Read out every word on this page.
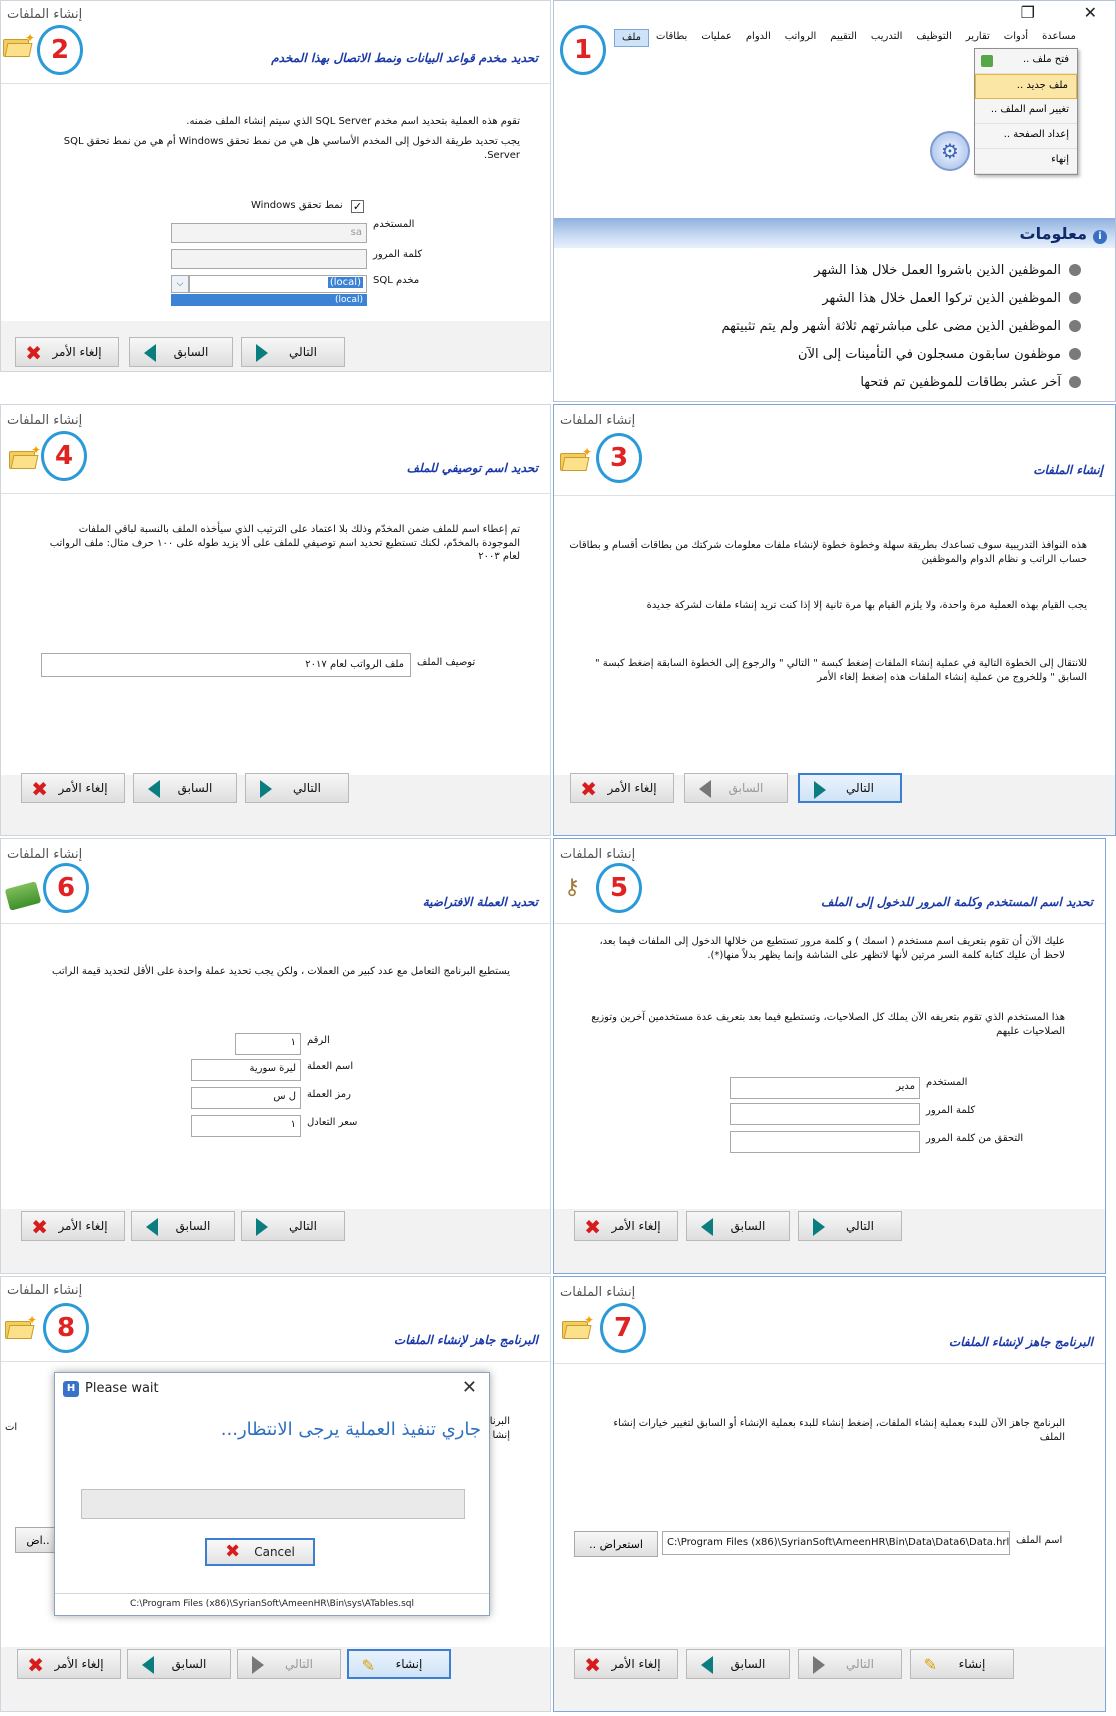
✕
❐
1	ملف	بطاقات	عمليات	الدوام	الرواتب	التقييم	التدريب	التوظيف	تقارير	أدوات	مساعدة
فتح ملف ..
ملف جديد ..
تغيير اسم الملف ..
إعداد الصفحة ..
إنهاء
⚙
iمعلومات
الموظفين الذين باشروا العمل خلال هذا الشهر
الموظفين الذين تركوا العمل خلال هذا الشهر
الموظفين الذين مضى على مباشرتهم ثلاثة أشهر ولم يتم تثبيتهم
موظفون سابقون مسجلون في التأمينات إلى الآن
آخر عشر بطاقات للموظفين تم فتحها
إنشاء الملفات
✦ 2	تحديد مخدم قواعد البيانات ونمط الاتصال بهذا المخدم
تقوم هذه العملية بتحديد اسم مخدم SQL Server الذي سيتم إنشاء الملف ضمنه.
يجب تحديد طريقة الدخول إلى المخدم الأساسي هل هي من نمط تحقق Windows أم هي من نمط تحقق SQL Server.
✓
نمط تحقق Windows
المستخدم
sa
كلمة المرور
مخدم SQL
⌵	(local)
(local)
✖ إلغاء الأمر	السابق	التالي
إنشاء الملفات
✦ 3	إنشاء الملفات
هذه النوافذ التدريبية سوف تساعدك بطريقة سهلة وخطوة خطوة لإنشاء ملفات معلومات شركتك من بطاقات أقسام و بطاقات حساب الراتب و نظام الدوام والموظفين
يجب القيام بهذه العملية مرة واحدة، ولا يلزم القيام بها مرة ثانية إلا إذا كنت تريد إنشاء ملفات لشركة جديدة
للانتقال إلى الخطوة التالية في عملية إنشاء الملفات إضغط كبسة " التالي " والرجوع إلى الخطوة السابقة إضغط كبسة " السابق " وللخروج من عملية إنشاء الملفات هذه إضغط إلغاء الأمر
✖ إلغاء الأمر	السابق	التالي
إنشاء الملفات
✦ 4	تحديد اسم توصيفي للملف
تم إعطاء اسم للملف ضمن المخدّم وذلك بلا اعتماد على الترتيب الذي سيأخذه الملف بالنسبة لباقي الملفات الموجودة بالمخدّم، لكنك تستطيع تحديد اسم توصيفي للملف على ألا يزيد طوله على ١٠٠ حرف مثال: ملف الرواتب لعام ٢٠٠٣
توصيف الملف
ملف الرواتب لعام ٢٠١٧
✖ إلغاء الأمر	السابق	التالي
إنشاء الملفات
⚷	5	تحديد اسم المستخدم وكلمة المرور للدخول إلى الملف
عليك الآن أن تقوم بتعريف اسم مستخدم ( اسمك ) و كلمة مرور تستطيع من خلالها الدخول إلى الملفات فيما بعد، لاحظ أن عليك كتابة كلمة السر مرتين لأنها لاتظهر على الشاشة وإنما يظهر بدلاً منها(*).
هذا المستخدم الذي تقوم بتعريفه الآن يملك كل الصلاحيات، وتستطيع فيما بعد بتعريف عدة مستخدمين آخرين وتوزيع الصلاحيات عليهم
المستخدم
مدير
كلمة المرور
التحقق من كلمة المرور
✖ إلغاء الأمر	السابق	التالي
إنشاء الملفات
6	تحديد العملة الافتراضية
يستطيع البرنامج التعامل مع عدد كبير من العملات ، ولكن يجب تحديد عملة واحدة على الأقل لتحديد قيمة الراتب
الرقم
١
اسم العملة
ليرة سورية
رمز العملة
ل س
سعر التعادل
١
✖ إلغاء الأمر	السابق	التالي
إنشاء الملفات
✦ 7	البرنامج جاهز لإنشاء الملفات
البرنامج جاهز الآن للبدء بعملية إنشاء الملفات، إضغط إنشاء للبدء بعملية الإنشاء أو السابق لتغيير خيارات إنشاء الملف
اسم الملف
C:\Program Files (x86)\SyrianSoft\AmeenHR\Bin\Data\Data6\Data.hrl
استعراض ..
✖ إلغاء الأمر	السابق	التالي	✎ إنشاء
إنشاء الملفات
✦ 8	البرنامج جاهز لإنشاء الملفات
البرنا
إنشا
ات
..اض
✖ إلغاء الأمر	السابق	التالي	✎ إنشاء
H Please wait	✕
جاري تنفيذ العملية يرجى الانتظار...
✖ Cancel
C:\Program Files (x86)\SyrianSoft\AmeenHR\Bin\sys\ATables.sql
